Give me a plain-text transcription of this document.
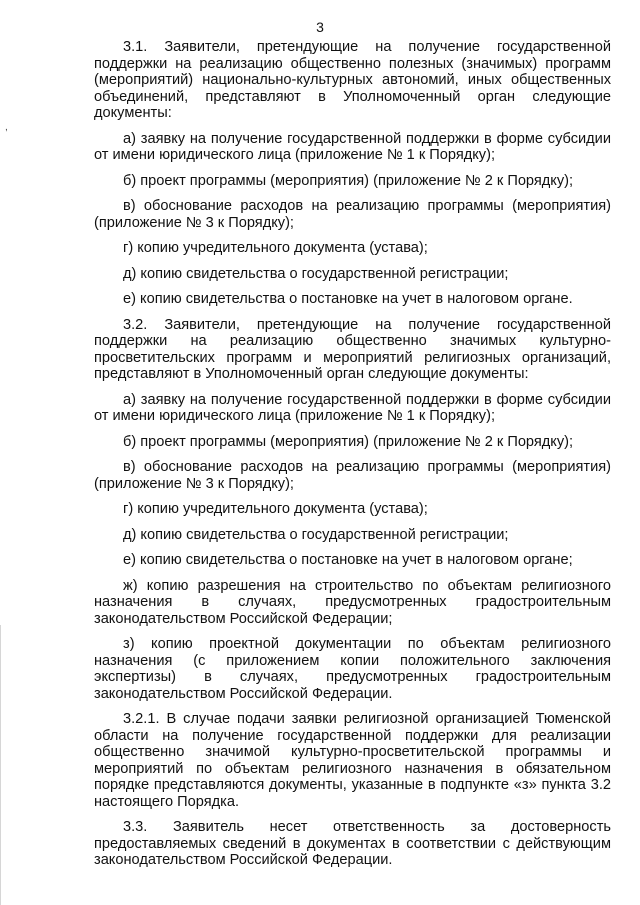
3
,

3.1. Заявители, претендующие на получение государственной поддержки на реализацию общественно полезных (значимых) программ (мероприятий) национально-культурных автономий, иных общественных объединений, представляют в Уполномоченный орган следующие документы:

а) заявку на получение государственной поддержки в форме субсидии от имени юридического лица (приложение № 1 к Порядку);

б) проект программы (мероприятия) (приложение № 2 к Порядку);

в) обоснование расходов на реализацию программы (мероприятия) (приложение № 3 к Порядку);

г) копию учредительного документа (устава);

д) копию свидетельства о государственной регистрации;

е) копию свидетельства о постановке на учет в налоговом органе.

3.2. Заявители, претендующие на получение государственной поддержки на реализацию общественно значимых культурно-просветительских программ и мероприятий религиозных организаций, представляют в Уполномоченный орган следующие документы:

а) заявку на получение государственной поддержки в форме субсидии от имени юридического лица (приложение № 1 к Порядку);

б) проект программы (мероприятия) (приложение № 2 к Порядку);

в) обоснование расходов на реализацию программы (мероприятия) (приложение № 3 к Порядку);

г) копию учредительного документа (устава);

д) копию свидетельства о государственной регистрации;

е) копию свидетельства о постановке на учет в налоговом органе;

ж) копию разрешения на строительство по объектам религиозного назначения в случаях, предусмотренных градостроительным законодательством Российской Федерации;

з) копию проектной документации по объектам религиозного назначения (с приложением копии положительного заключения экспертизы) в случаях, предусмотренных градостроительным законодательством Российской Федерации.

3.2.1. В случае подачи заявки религиозной организацией Тюменской области на получение государственной поддержки для реализации общественно значимой культурно-просветительской программы и мероприятий по объектам религиозного назначения в обязательном порядке представляются документы, указанные в подпункте «з» пункта 3.2 настоящего Порядка.

3.3. Заявитель несет ответственность за достоверность предоставляемых сведений в документах в соответствии с действующим законодательством Российской Федерации.
